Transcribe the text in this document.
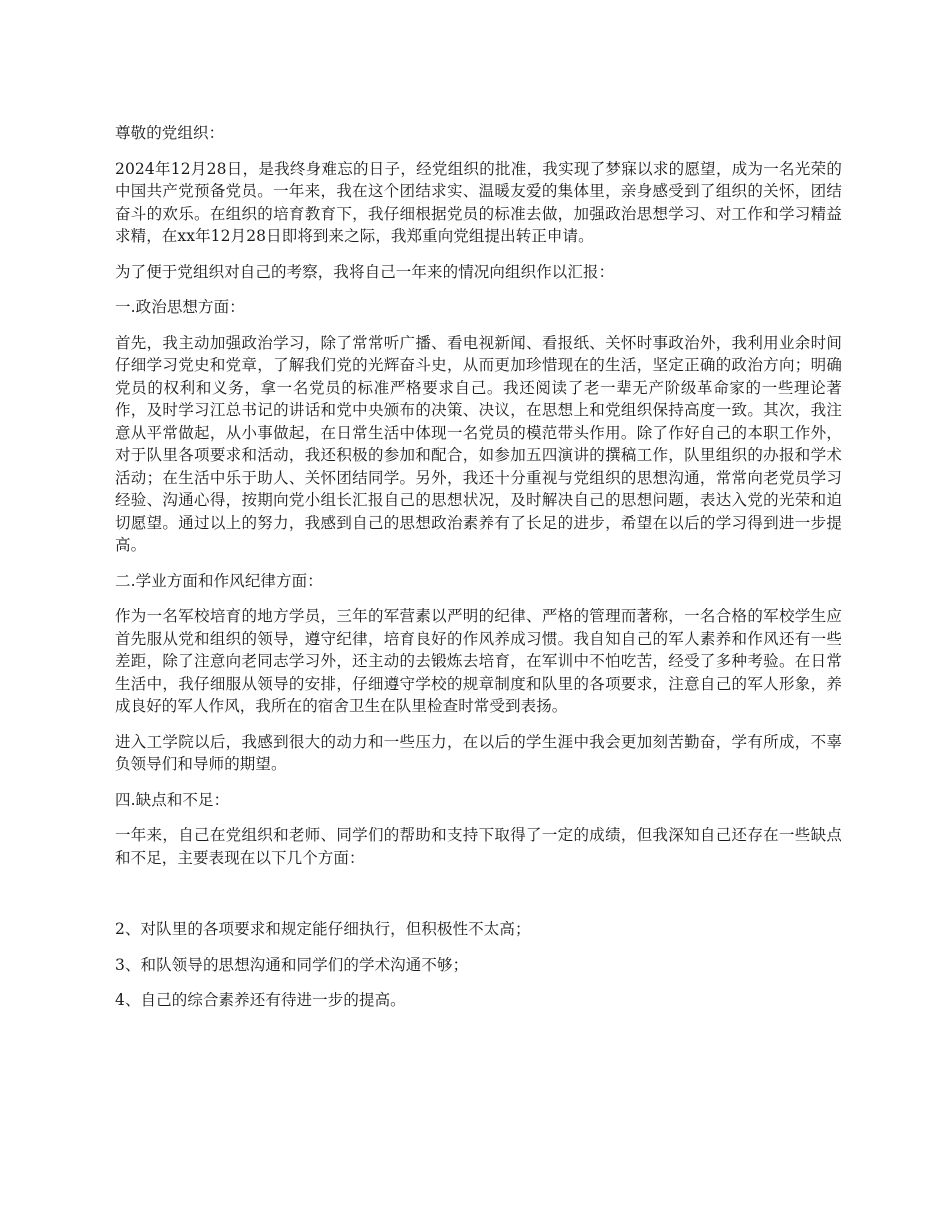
尊敬的党组织：

2024年12月28日，是我终身难忘的日子，经党组织的批准，我实现了梦寐以求的愿望，成为一名光荣的中国共产党预备党员。一年来，我在这个团结求实、温暖友爱的集体里，亲身感受到了组织的关怀，团结奋斗的欢乐。在组织的培育教育下，我仔细根据党员的标准去做，加强政治思想学习、对工作和学习精益求精，在xx年12月28日即将到来之际，我郑重向党组提出转正申请。

为了便于党组织对自己的考察，我将自己一年来的情况向组织作以汇报：

一.政治思想方面：

首先，我主动加强政治学习，除了常常听广播、看电视新闻、看报纸、关怀时事政治外，我利用业余时间仔细学习党史和党章，了解我们党的光辉奋斗史，从而更加珍惜现在的生活，坚定正确的政治方向；明确党员的权利和义务，拿一名党员的标准严格要求自己。我还阅读了老一辈无产阶级革命家的一些理论著作，及时学习江总书记的讲话和党中央颁布的决策、决议，在思想上和党组织保持高度一致。其次，我注意从平常做起，从小事做起，在日常生活中体现一名党员的模范带头作用。除了作好自己的本职工作外，对于队里各项要求和活动，我还积极的参加和配合，如参加五四演讲的撰稿工作，队里组织的办报和学术活动；在生活中乐于助人、关怀团结同学。另外，我还十分重视与党组织的思想沟通，常常向老党员学习经验、沟通心得，按期向党小组长汇报自己的思想状况，及时解决自己的思想问题，表达入党的光荣和迫切愿望。通过以上的努力，我感到自己的思想政治素养有了长足的进步，希望在以后的学习得到进一步提高。

二.学业方面和作风纪律方面：

作为一名军校培育的地方学员，三年的军营素以严明的纪律、严格的管理而著称，一名合格的军校学生应首先服从党和组织的领导，遵守纪律，培育良好的作风养成习惯。我自知自己的军人素养和作风还有一些差距，除了注意向老同志学习外，还主动的去锻炼去培育，在军训中不怕吃苦，经受了多种考验。在日常生活中，我仔细服从领导的安排，仔细遵守学校的规章制度和队里的各项要求，注意自己的军人形象，养成良好的军人作风，我所在的宿舍卫生在队里检查时常受到表扬。

进入工学院以后，我感到很大的动力和一些压力，在以后的学生涯中我会更加刻苦勤奋，学有所成，不辜负领导们和导师的期望。

四.缺点和不足：

一年来，自己在党组织和老师、同学们的帮助和支持下取得了一定的成绩，但我深知自己还存在一些缺点和不足，主要表现在以下几个方面：

2、对队里的各项要求和规定能仔细执行，但积极性不太高；

3、和队领导的思想沟通和同学们的学术沟通不够；

4、自己的综合素养还有待进一步的提高。
